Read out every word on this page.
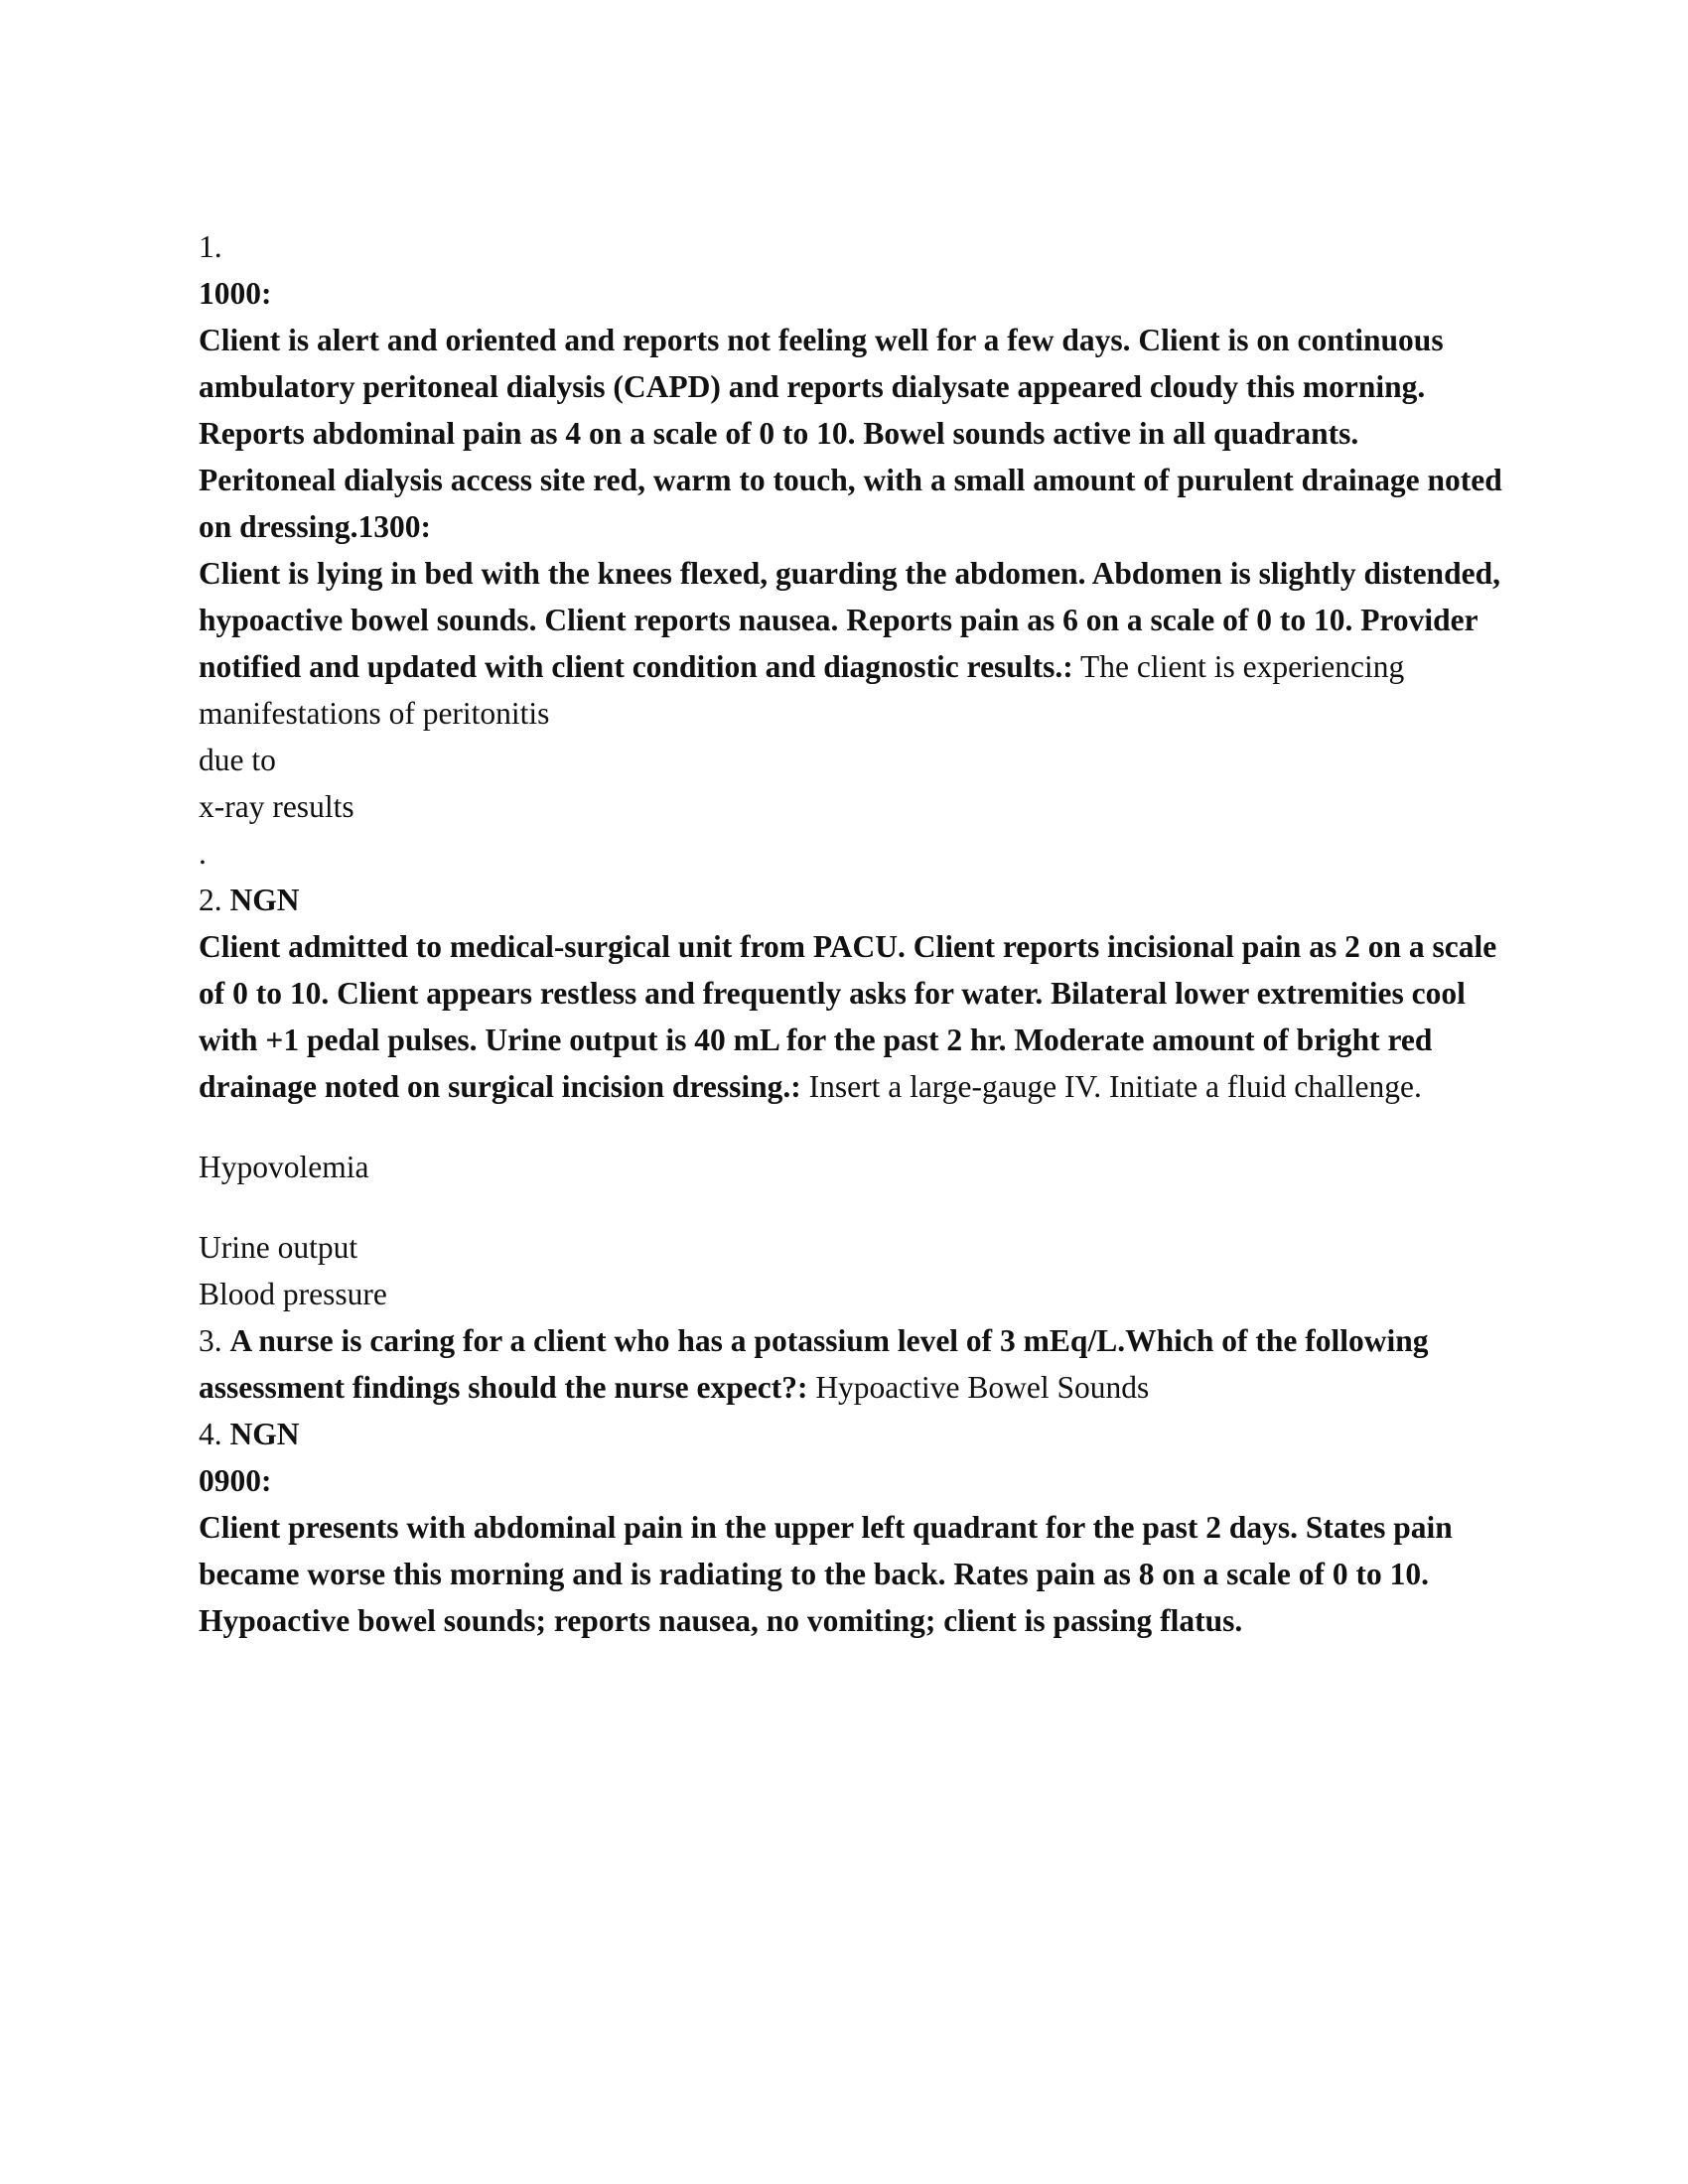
1.

1000:

Client is alert and oriented and reports not feeling well for a few days. Client is on continuous ambulatory peritoneal dialysis (CAPD) and reports dialysate appeared cloudy this morning.

Reports abdominal pain as 4 on a scale of 0 to 10. Bowel sounds active in all quadrants.

Peritoneal dialysis access site red, warm to touch, with a small amount of purulent drainage noted on dressing.1300:

Client is lying in bed with the knees flexed, guarding the abdomen. Abdomen is slightly distended, hypoactive bowel sounds. Client reports nausea. Reports pain as 6 on a scale of 0 to 10. Provider notified and updated with client condition and diagnostic results.: The client is experiencing manifestations of peritonitis

due to

x-ray results

.

2. NGN

Client admitted to medical-surgical unit from PACU. Client reports incisional pain as 2 on a scale of 0 to 10. Client appears restless and frequently asks for water. Bilateral lower extremities cool with +1 pedal pulses. Urine output is 40 mL for the past 2 hr. Moderate amount of bright red drainage noted on surgical incision dressing.: Insert a large-gauge IV. Initiate a fluid challenge.

Hypovolemia

Urine output

Blood pressure

3. A nurse is caring for a client who has a potassium level of 3 mEq/L.Which of the following assessment findings should the nurse expect?: Hypoactive Bowel Sounds

4. NGN

0900:

Client presents with abdominal pain in the upper left quadrant for the past 2 days. States pain became worse this morning and is radiating to the back. Rates pain as 8 on a scale of 0 to 10.

Hypoactive bowel sounds; reports nausea, no vomiting; client is passing flatus.
